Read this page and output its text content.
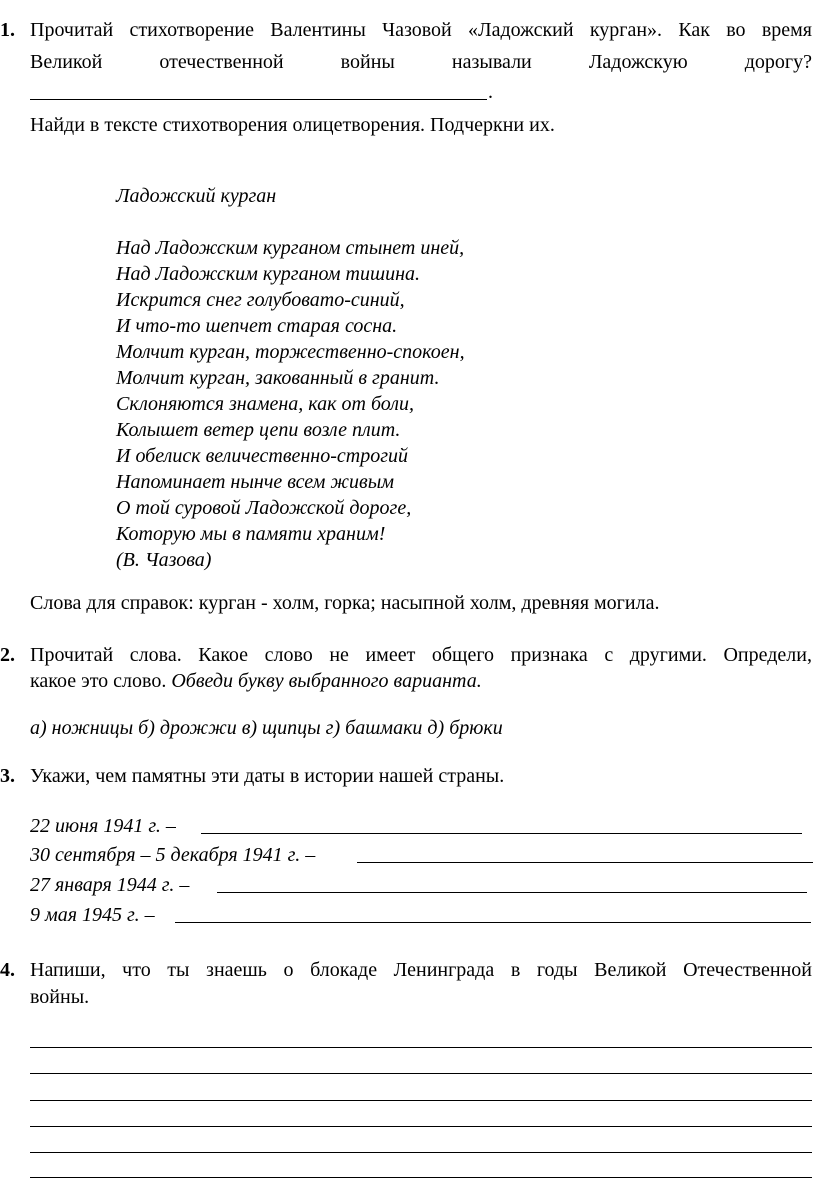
1. Прочитай стихотворение Валентины Чазовой «Ладожский курган». Как во время
Великой отечественной войны называли Ладожскую дорогу?
.
Найди в тексте стихотворения олицетворения. Подчеркни их.
Ладожский курган
Над Ладожским курганом стынет иней,
Над Ладожским курганом тишина.
Искрится снег голубовато-синий,
И что-то шепчет старая сосна.
Молчит курган, торжественно-спокоен,
Молчит курган, закованный в гранит.
Склоняются знамена, как от боли,
Колышет ветер цепи возле плит.
И обелиск величественно-строгий
Напоминает нынче всем живым
О той суровой Ладожской дороге,
Которую мы в памяти храним!
(В. Чазова)
Слова для справок: курган - холм, горка; насыпной холм, древняя могила.
2. Прочитай слова. Какое слово не имеет общего признака с другими. Определи,
какое это слово. Обведи букву выбранного варианта.
а) ножницы б) дрожжи в) щипцы г) башмаки д) брюки
3. Укажи, чем памятны эти даты в истории нашей страны.
22 июня 1941 г. –
30 сентября – 5 декабря 1941 г. –
27 января 1944 г. –
9 мая 1945 г. –
4. Напиши, что ты знаешь о блокаде Ленинграда в годы Великой Отечественной
войны.
